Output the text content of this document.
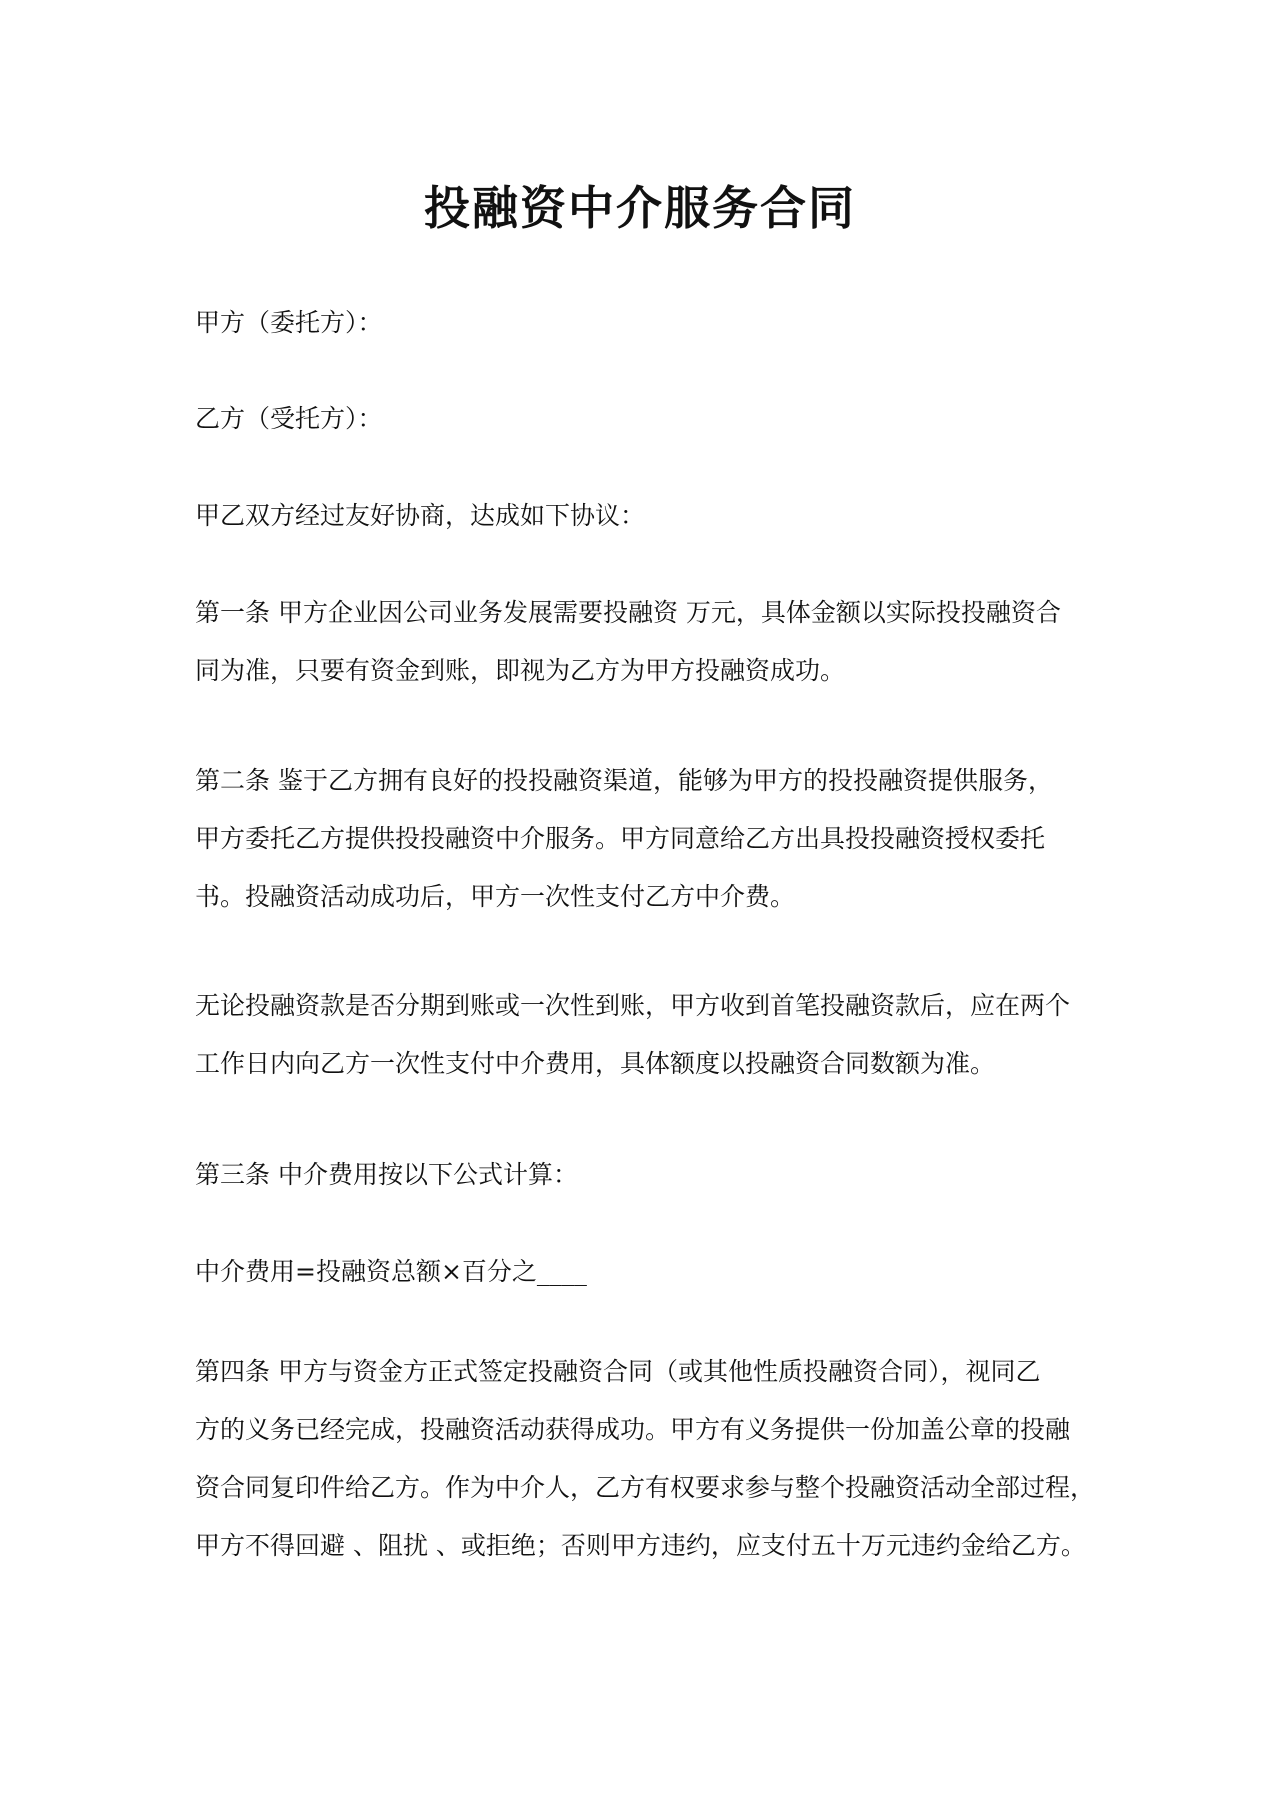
投融资中介服务合同

甲方（委托方）：

乙方（受托方）：

甲乙双方经过友好协商，达成如下协议：

第一条 甲方企业因公司业务发展需要投融资 万元，具体金额以实际投投融资合
同为准，只要有资金到账，即视为乙方为甲方投融资成功。

第二条 鉴于乙方拥有良好的投投融资渠道，能够为甲方的投投融资提供服务，
甲方委托乙方提供投投融资中介服务。甲方同意给乙方出具投投融资授权委托
书。投融资活动成功后，甲方一次性支付乙方中介费。

无论投融资款是否分期到账或一次性到账，甲方收到首笔投融资款后，应在两个
工作日内向乙方一次性支付中介费用，具体额度以投融资合同数额为准。

第三条 中介费用按以下公式计算：

中介费用=投融资总额×百分之____

第四条 甲方与资金方正式签定投融资合同（或其他性质投融资合同），视同乙
方的义务已经完成，投融资活动获得成功。甲方有义务提供一份加盖公章的投融
资合同复印件给乙方。作为中介人，乙方有权要求参与整个投融资活动全部过程，
甲方不得回避 、阻扰 、或拒绝；否则甲方违约，应支付五十万元违约金给乙方。
